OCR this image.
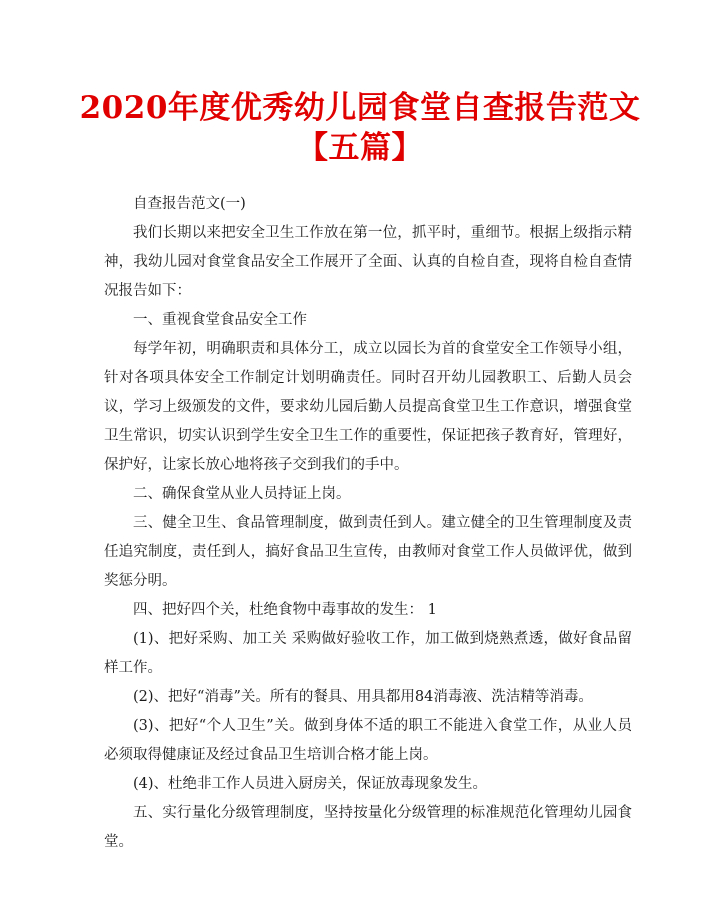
2020年度优秀幼儿园食堂自查报告范文
【五篇】

自查报告范文(一)

我们长期以来把安全卫生工作放在第一位，抓平时，重细节。根据上级指示精神，我幼儿园对食堂食品安全工作展开了全面、认真的自检自查，现将自检自查情况报告如下：

一、重视食堂食品安全工作

每学年初，明确职责和具体分工，成立以园长为首的食堂安全工作领导小组，针对各项具体安全工作制定计划明确责任。同时召开幼儿园教职工、后勤人员会议，学习上级颁发的文件，要求幼儿园后勤人员提高食堂卫生工作意识，增强食堂卫生常识，切实认识到学生安全卫生工作的重要性，保证把孩子教育好，管理好，保护好，让家长放心地将孩子交到我们的手中。

二、确保食堂从业人员持证上岗。

三、健全卫生、食品管理制度，做到责任到人。建立健全的卫生管理制度及责任追究制度，责任到人，搞好食品卫生宣传，由教师对食堂工作人员做评优，做到奖惩分明。

四、把好四个关，杜绝食物中毒事故的发生： 1

(1)、把好采购、加工关 采购做好验收工作，加工做到烧熟煮透，做好食品留样工作。

(2)、把好“消毒”关。所有的餐具、用具都用84消毒液、洗洁精等消毒。

(3)、把好“个人卫生”关。做到身体不适的职工不能进入食堂工作，从业人员必须取得健康证及经过食品卫生培训合格才能上岗。

(4)、杜绝非工作人员进入厨房关，保证放毒现象发生。

五、实行量化分级管理制度，坚持按量化分级管理的标准规范化管理幼儿园食堂。
